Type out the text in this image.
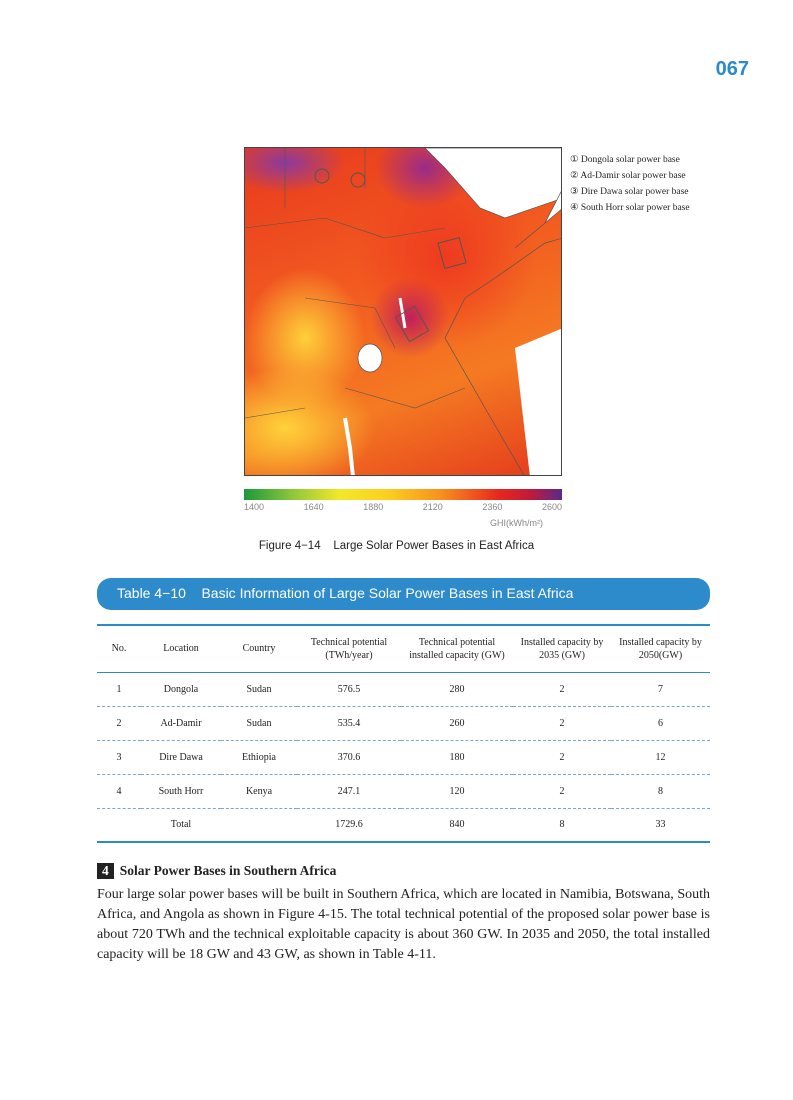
067
① Dongola solar power base
② Ad-Damir solar power base
③ Dire Dawa solar power base
④ South Horr solar power base
1400	1640	1880	2120	2360	2600
GHI(kWh/m²)
Figure 4−14    Large Solar Power Bases in East Africa
Table 4−10    Basic Information of Large Solar Power Bases in East Africa
No.	Location	Country	Technical potential (TWh/year)	Technical potential installed capacity (GW)	Installed capacity by 2035 (GW)	Installed capacity by 2050(GW)
1	Dongola	Sudan	576.5	280	2	7
2	Ad-Damir	Sudan	535.4	260	2	6
3	Dire Dawa	Ethiopia	370.6	180	2	12
4	South Horr	Kenya	247.1	120	2	8
	Total		1729.6	840	8	33
4 Solar Power Bases in Southern Africa
Four large solar power bases will be built in Southern Africa, which are located in Namibia, Botswana, South Africa, and Angola as shown in Figure 4-15. The total technical potential of the proposed solar power base is about 720 TWh and the technical exploitable capacity is about 360 GW. In 2035 and 2050, the total installed capacity will be 18 GW and 43 GW, as shown in Table 4-11.
